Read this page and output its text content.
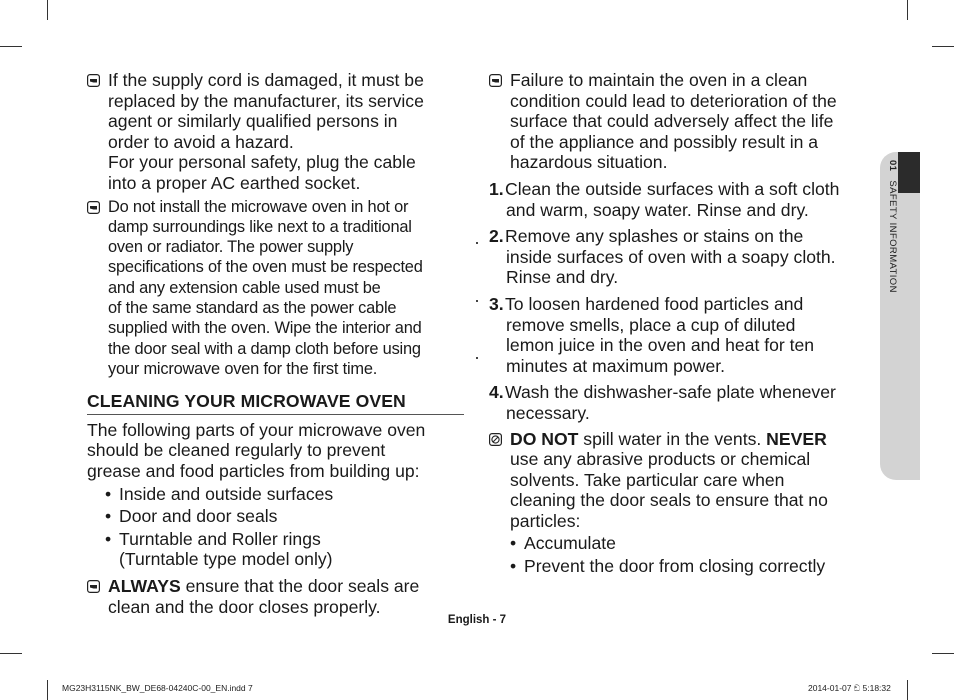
If the supply cord is damaged, it must be
replaced by the manufacturer, its service
agent or similarly qualified persons in
order to avoid a hazard.
For your personal safety, plug the cable
into a proper AC earthed socket.
Do not install the microwave oven in hot or
damp surroundings like next to a traditional
oven or radiator. The power supply
specifications of the oven must be respected
and any extension cable used must be
of the same standard as the power cable
supplied with the oven. Wipe the interior and
the door seal with a damp cloth before using
your microwave oven for the first time.
CLEANING YOUR MICROWAVE OVEN
The following parts of your microwave oven
should be cleaned regularly to prevent
grease and food particles from building up:
• Inside and outside surfaces
• Door and door seals
• Turntable and Roller rings
(Turntable type model only)
ALWAYS ensure that the door seals are
clean and the door closes properly.
Failure to maintain the oven in a clean
condition could lead to deterioration of the
surface that could adversely affect the life
of the appliance and possibly result in a
hazardous situation.
1. Clean the outside surfaces with a soft cloth
and warm, soapy water. Rinse and dry.
2. Remove any splashes or stains on the
inside surfaces of oven with a soapy cloth.
Rinse and dry.
3. To loosen hardened food particles and
remove smells, place a cup of diluted
lemon juice in the oven and heat for ten
minutes at maximum power.
4. Wash the dishwasher-safe plate whenever
necessary.
DO NOT spill water in the vents. NEVER
use any abrasive products or chemical
solvents. Take particular care when
cleaning the door seals to ensure that no
particles:
• Accumulate
• Prevent the door from closing correctly
01 SAFETY INFORMATION
English - 7
MG23H3115NK_BW_DE68-04240C-00_EN.indd 7	2014-01-07 ඞ 5:18:32
